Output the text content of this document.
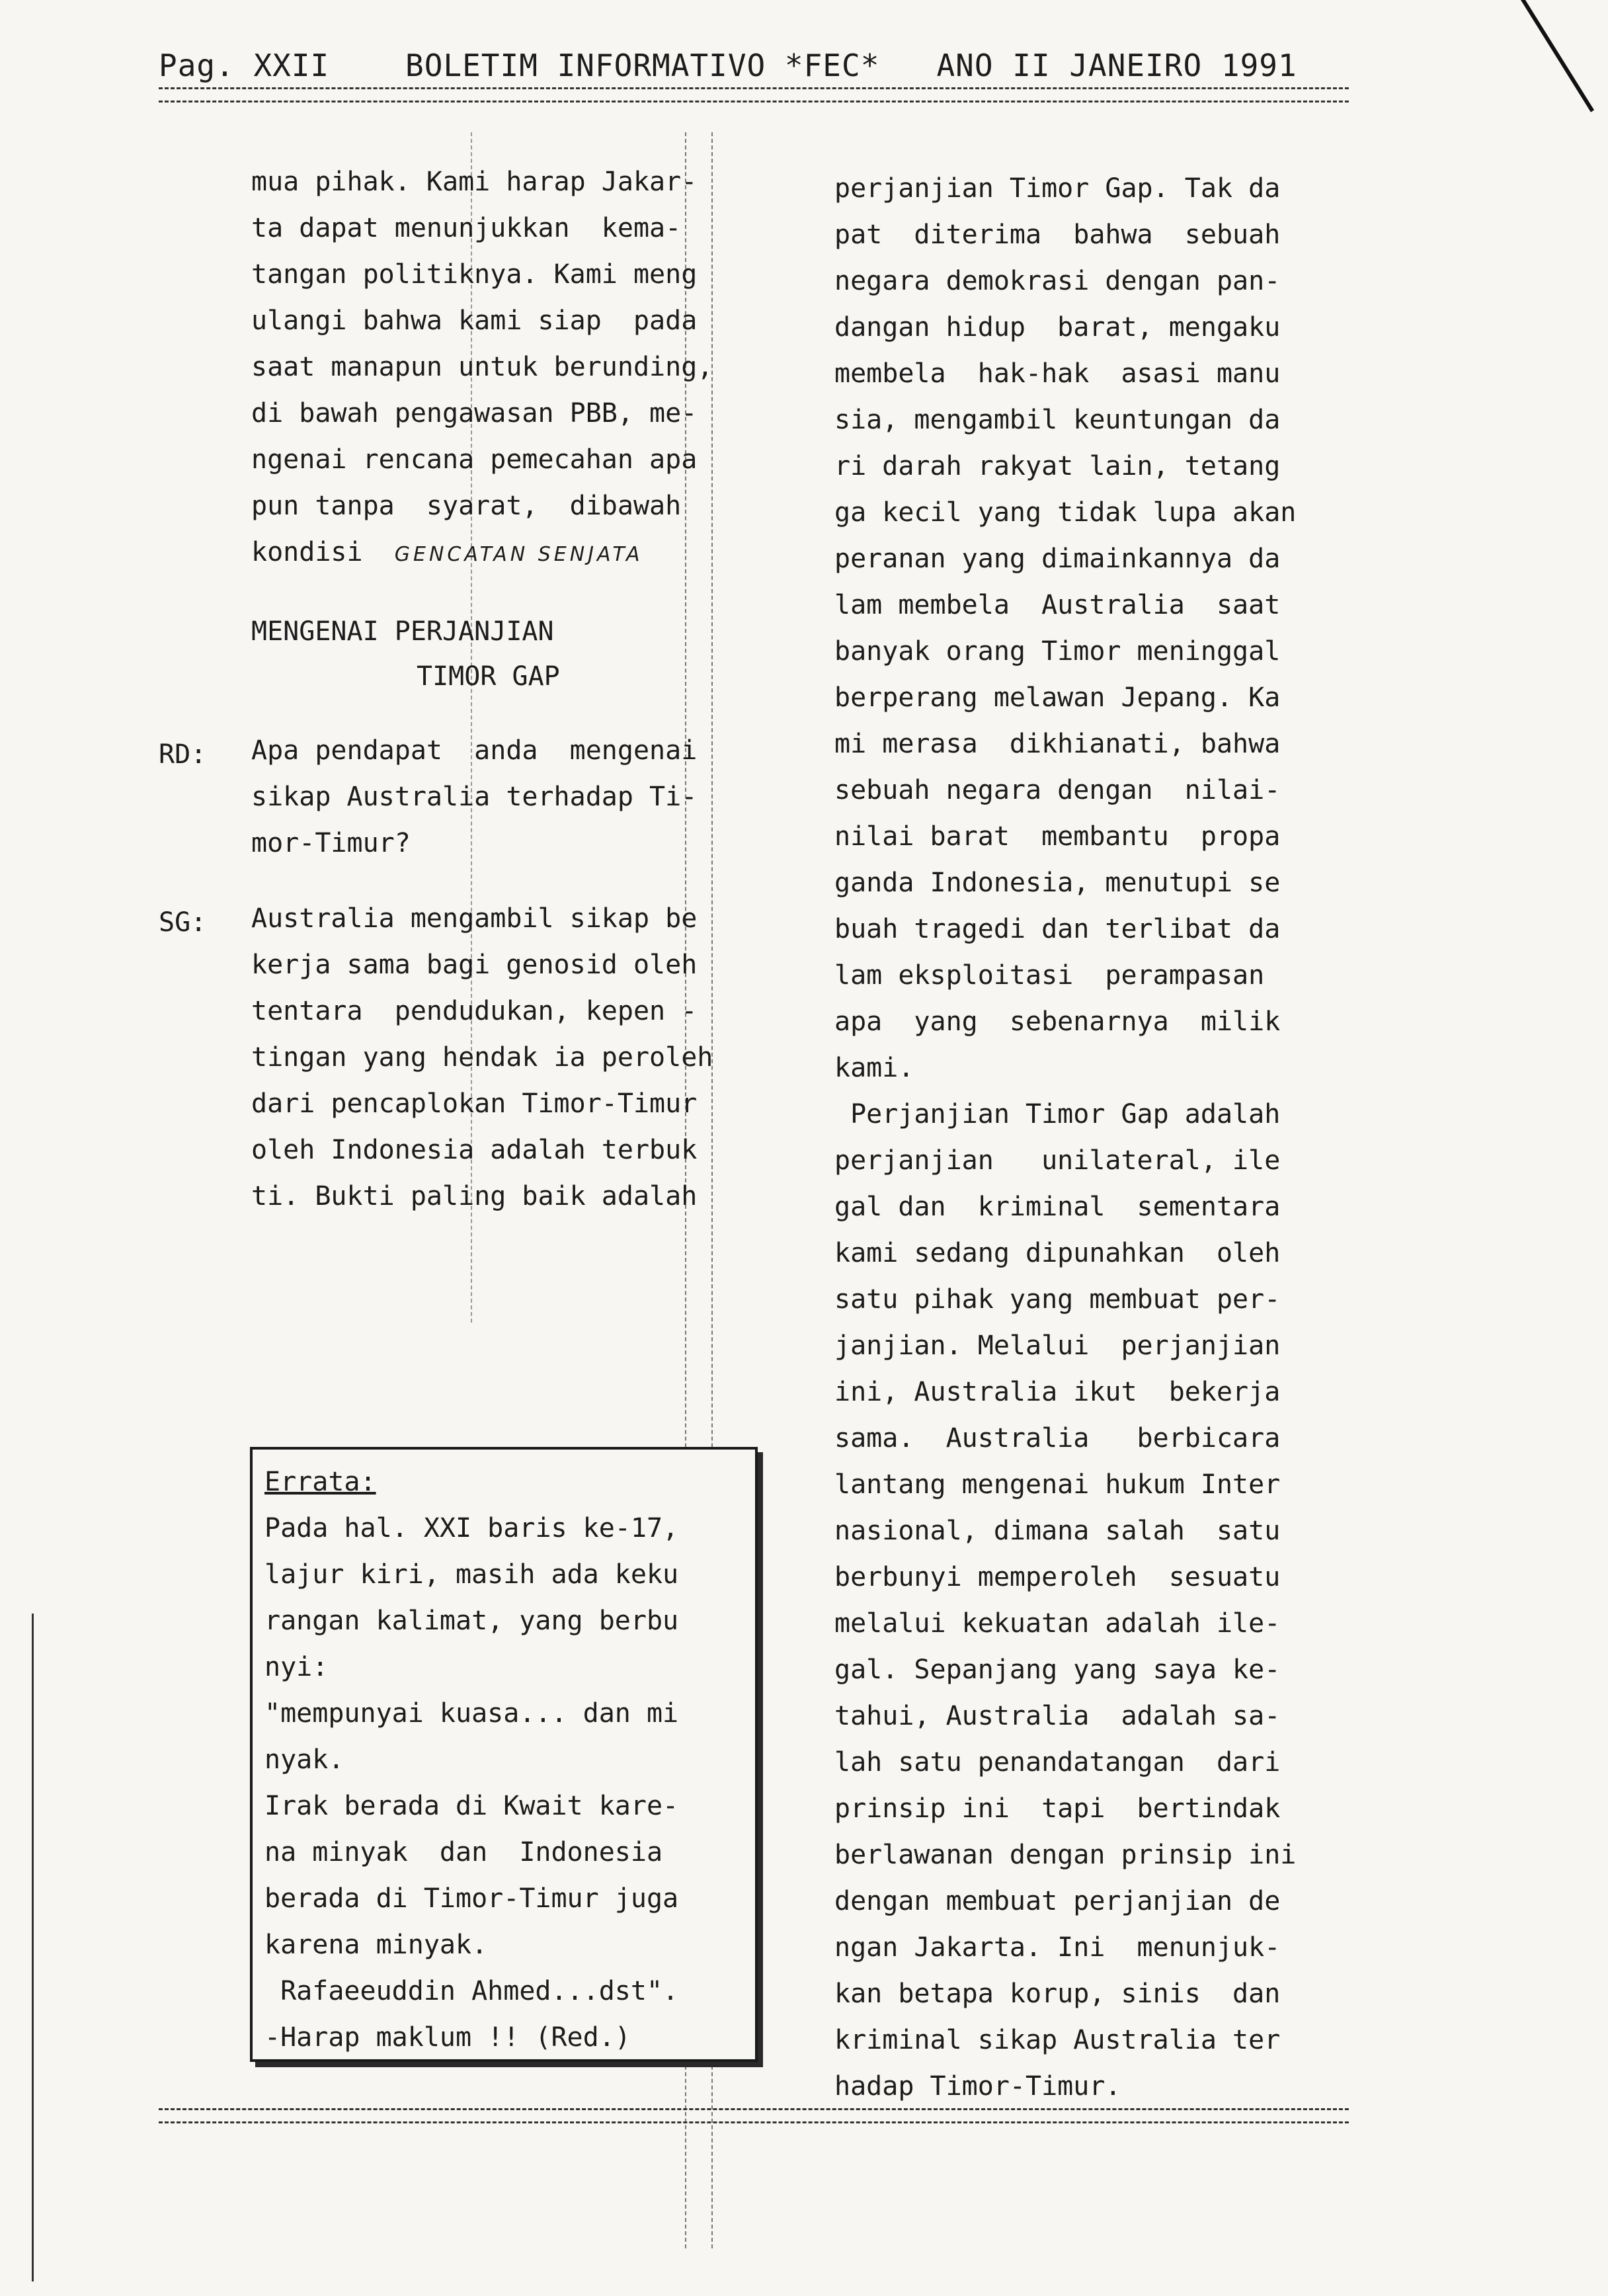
Pag. XXII    BOLETIM INFORMATIVO *FEC*   ANO II JANEIRO 1991

mua pihak. Kami harap Jakar-

ta dapat menunjukkan  kema-

tangan politiknya. Kami meng

ulangi bahwa kami siap  pada

saat manapun untuk berunding,

di bawah pengawasan PBB, me-

ngenai rencana pemecahan apa

pun tanpa  syarat,  dibawah

kondisi GENCATAN SENJATA

MENGENAI PERJANJIAN
TIMOR GAP
RD: Apa pendapat  anda  mengenai

sikap Australia terhadap Ti-

mor-Timur?

SG: Australia mengambil sikap be

kerja sama bagi genosid oleh

tentara  pendudukan, kepen -

tingan yang hendak ia peroleh

dari pencaplokan Timor-Timur

oleh Indonesia adalah terbuk

ti. Bukti paling baik adalah

Errata:

Pada hal. XXI baris ke-17,

lajur kiri, masih ada keku

rangan kalimat, yang berbu

nyi:

"mempunyai kuasa... dan mi

nyak.

Irak berada di Kwait kare-

na minyak  dan  Indonesia

berada di Timor-Timur juga

karena minyak.

Rafaeeuddin Ahmed...dst".

-Harap maklum !! (Red.)

perjanjian Timor Gap. Tak da

pat  diterima  bahwa  sebuah

negara demokrasi dengan pan-

dangan hidup  barat, mengaku

membela  hak-hak  asasi manu

sia, mengambil keuntungan da

ri darah rakyat lain, tetang

ga kecil yang tidak lupa akan

peranan yang dimainkannya da

lam membela  Australia  saat

banyak orang Timor meninggal

berperang melawan Jepang. Ka

mi merasa  dikhianati, bahwa

sebuah negara dengan  nilai-

nilai barat  membantu  propa

ganda Indonesia, menutupi se

buah tragedi dan terlibat da

lam eksploitasi  perampasan

apa  yang  sebenarnya  milik

kami.

Perjanjian Timor Gap adalah

perjanjian   unilateral, ile

gal dan  kriminal  sementara

kami sedang dipunahkan  oleh

satu pihak yang membuat per-

janjian. Melalui  perjanjian

ini, Australia ikut  bekerja

sama.  Australia   berbicara

lantang mengenai hukum Inter

nasional, dimana salah  satu

berbunyi memperoleh  sesuatu

melalui kekuatan adalah ile-

gal. Sepanjang yang saya ke-

tahui, Australia  adalah sa-

lah satu penandatangan  dari

prinsip ini  tapi  bertindak

berlawanan dengan prinsip ini

dengan membuat perjanjian de

ngan Jakarta. Ini  menunjuk-

kan betapa korup, sinis  dan

kriminal sikap Australia ter

hadap Timor-Timur.
